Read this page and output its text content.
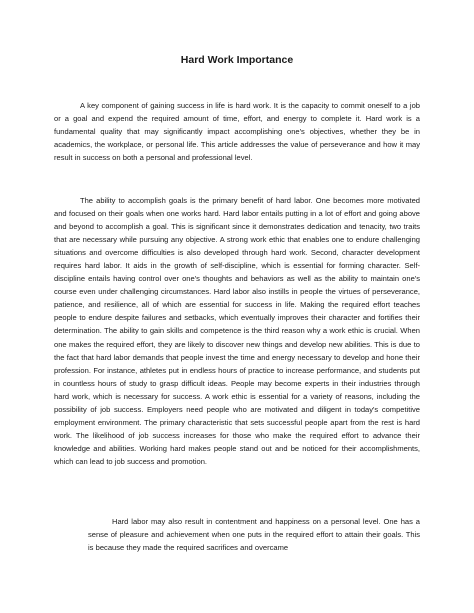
Hard Work Importance

A key component of gaining success in life is hard work. It is the capacity to commit oneself to a job or a goal and expend the required amount of time, effort, and energy to complete it. Hard work is a fundamental quality that may significantly impact accomplishing one's objectives, whether they be in academics, the workplace, or personal life. This article addresses the value of perseverance and how it may result in success on both a personal and professional level.

The ability to accomplish goals is the primary benefit of hard labor. One becomes more motivated and focused on their goals when one works hard. Hard labor entails putting in a lot of effort and going above and beyond to accomplish a goal. This is significant since it demonstrates dedication and tenacity, two traits that are necessary while pursuing any objective. A strong work ethic that enables one to endure challenging situations and overcome difficulties is also developed through hard work. Second, character development requires hard labor. It aids in the growth of self-discipline, which is essential for forming character. Self-discipline entails having control over one's thoughts and behaviors as well as the ability to maintain one's course even under challenging circumstances. Hard labor also instills in people the virtues of perseverance, patience, and resilience, all of which are essential for success in life. Making the required effort teaches people to endure despite failures and setbacks, which eventually improves their character and fortifies their determination. The ability to gain skills and competence is the third reason why a work ethic is crucial. When one makes the required effort, they are likely to discover new things and develop new abilities. This is due to the fact that hard labor demands that people invest the time and energy necessary to develop and hone their profession. For instance, athletes put in endless hours of practice to increase performance, and students put in countless hours of study to grasp difficult ideas. People may become experts in their industries through hard work, which is necessary for success. A work ethic is essential for a variety of reasons, including the possibility of job success. Employers need people who are motivated and diligent in today's competitive employment environment. The primary characteristic that sets successful people apart from the rest is hard work. The likelihood of job success increases for those who make the required effort to advance their knowledge and abilities. Working hard makes people stand out and be noticed for their accomplishments, which can lead to job success and promotion.

Hard labor may also result in contentment and happiness on a personal level. One has a sense of pleasure and achievement when one puts in the required effort to attain their goals. This is because they made the required sacrifices and overcame
